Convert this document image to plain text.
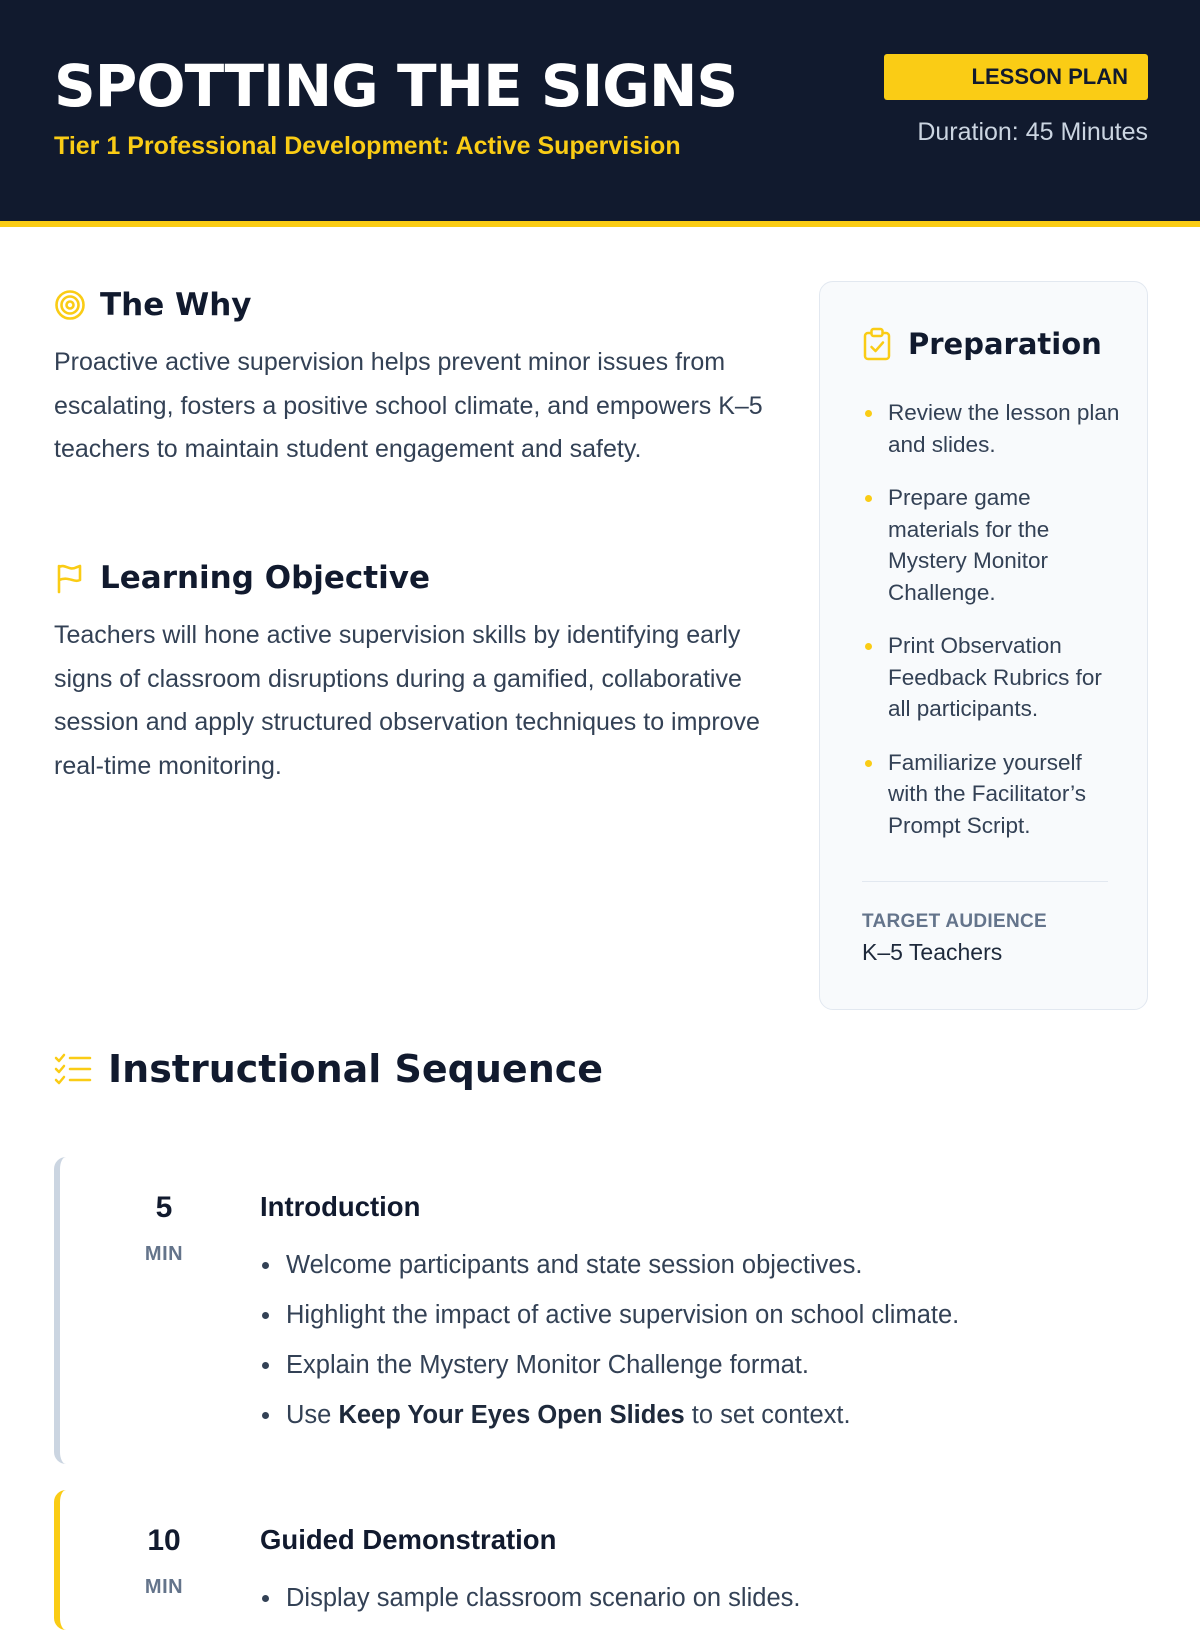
SPOTTING THE SIGNS
Tier 1 Professional Development: Active Supervision
LESSON PLAN
Duration: 45 Minutes
The Why

Proactive active supervision helps prevent minor issues from escalating, fosters a positive school climate, and empowers K–5 teachers to maintain student engagement and safety.

Learning Objective

Teachers will hone active supervision skills by identifying early signs of classroom disruptions during a gamified, collaborative session and apply structured observation techniques to improve real-time monitoring.

Preparation
Review the lesson plan and slides.
Prepare game materials for the Mystery Monitor Challenge.
Print Observation Feedback Rubrics for all participants.
Familiarize yourself with the Facilitator’s Prompt Script.
TARGET AUDIENCE
K–5 Teachers
Instructional Sequence
5
MIN
Introduction
Welcome participants and state session objectives.
Highlight the impact of active supervision on school climate.
Explain the Mystery Monitor Challenge format.
Use Keep Your Eyes Open Slides to set context.
10
MIN
Guided Demonstration
Display sample classroom scenario on slides.
